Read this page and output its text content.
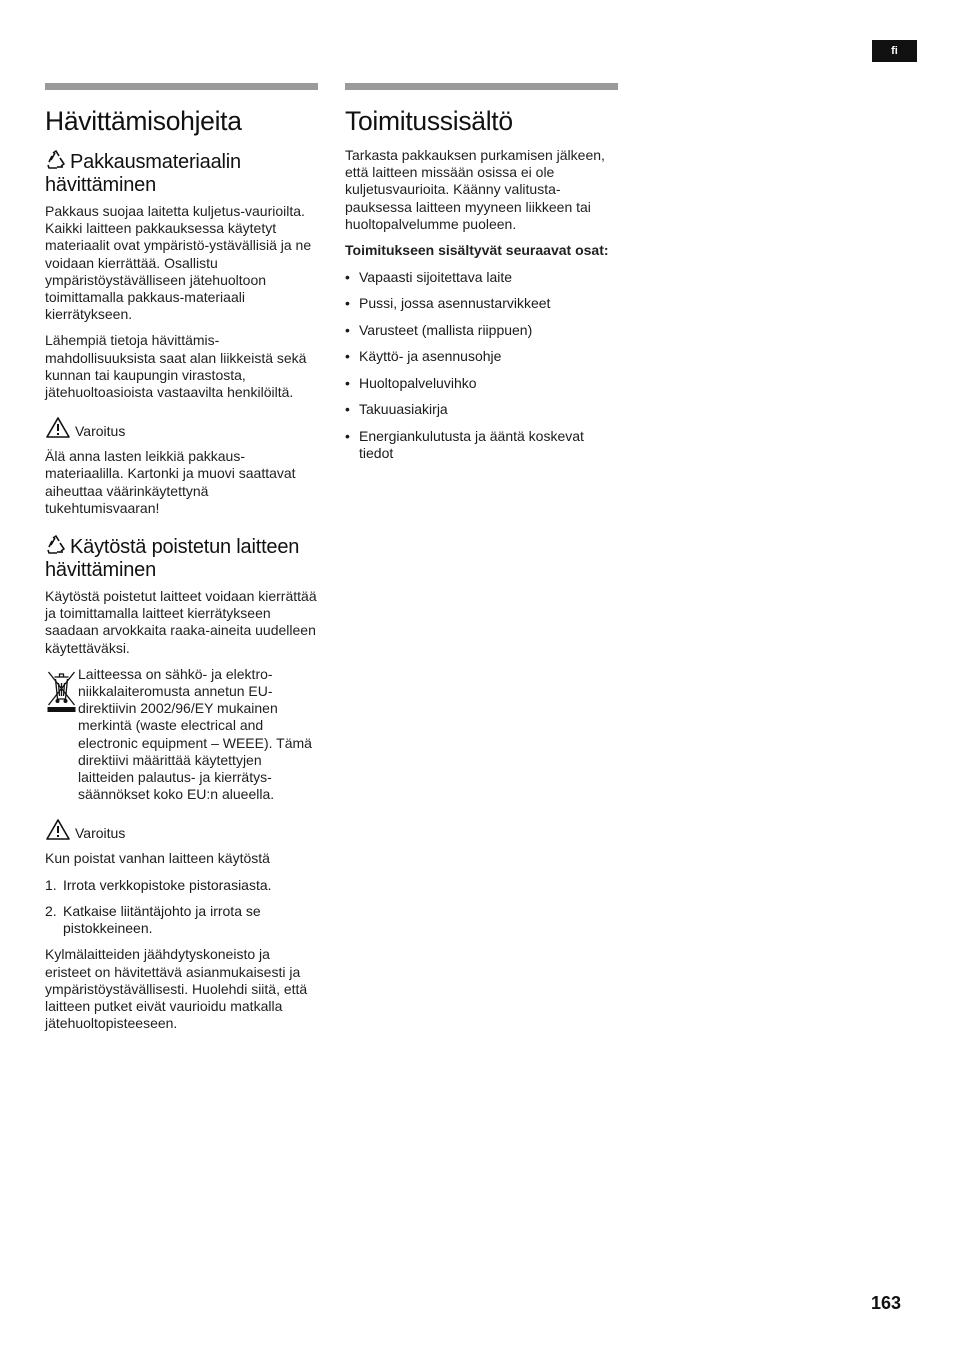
fi
Hävittämisohjeita
Pakkausmateriaalin hävittäminen

Pakkaus suojaa laitetta kuljetus-vaurioilta. Kaikki laitteen pakkauksessa käytetyt materiaalit ovat ympäristö-ystävällisiä ja ne voidaan kierrättää. Osallistu ympäristöystävälliseen jätehuoltoon toimittamalla pakkaus-materiaali kierrätykseen.

Lähempiä tietoja hävittämis-mahdollisuuksista saat alan liikkeistä sekä kunnan tai kaupungin virastosta, jätehuoltoasioista vastaavilta henkilöiltä.

Varoitus

Älä anna lasten leikkiä pakkaus-materiaalilla. Kartonki ja muovi saattavat aiheuttaa väärinkäytettynä tukehtumisvaaran!

Käytöstä poistetun laitteen hävittäminen

Käytöstä poistetut laitteet voidaan kierrättää ja toimittamalla laitteet kierrätykseen saadaan arvokkaita raaka-aineita uudelleen käytettäväksi.

Laitteessa on sähkö- ja elektro-niikkalaiteromusta annetun EU-direktiivin 2002/96/EY mukainen merkintä (waste electrical and electronic equipment – WEEE). Tämä direktiivi määrittää käytettyjen laitteiden palautus- ja kierrätys-säännökset koko EU:n alueella.

Varoitus

Kun poistat vanhan laitteen käytöstä

1. Irrota verkkopistoke pistorasiasta.
2. Katkaise liitäntäjohto ja irrota se pistokkeineen.

Kylmälaitteiden jäähdytyskoneisto ja eristeet on hävitettävä asianmukaisesti ja ympäristöystävällisesti. Huolehdi siitä, että laitteen putket eivät vaurioidu matkalla jätehuoltopisteeseen.

Toimitussisältö

Tarkasta pakkauksen purkamisen jälkeen, että laitteen missään osissa ei ole kuljetusvaurioita. Käänny valitusta-pauksessa laitteen myyneen liikkeen tai huoltopalvelumme puoleen.

Toimitukseen sisältyvät seuraavat osat:

• Vapaasti sijoitettava laite
• Pussi, jossa asennustarvikkeet
• Varusteet (mallista riippuen)
• Käyttö- ja asennusohje
• Huoltopalveluvihko
• Takuuasiakirja
• Energiankulutusta ja ääntä koskevat tiedot
163
